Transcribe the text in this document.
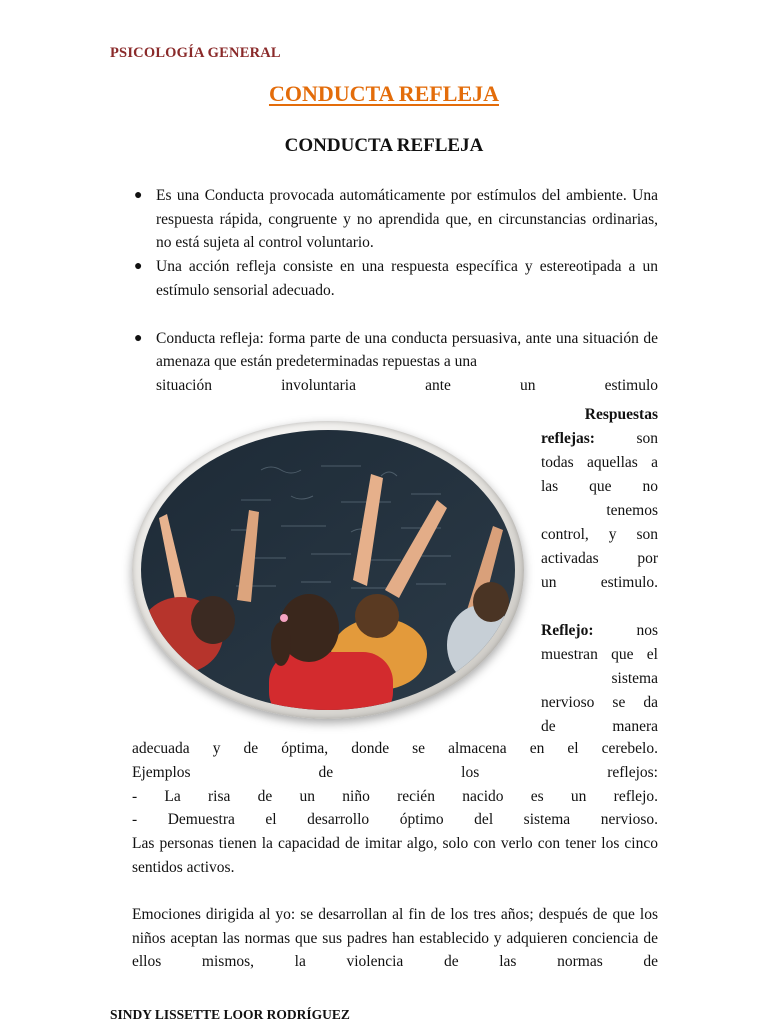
PSICOLOGÍA GENERAL
CONDUCTA REFLEJA
CONDUCTA REFLEJA
● Es una Conducta provocada automáticamente por estímulos del ambiente. Una respuesta rápida, congruente y no aprendida que, en circunstancias ordinarias, no está sujeta al control voluntario.
● Una acción refleja consiste en una respuesta específica y estereotipada a un estímulo sensorial adecuado.
● Conducta refleja: forma parte de una conducta persuasiva, ante una situación de amenaza que están predeterminadas repuestas a una
situación involuntaria ante un estimulo

Respuestas

reflejas:	son

todas aquellas a

las que no

tenemos

control, y son

activadas por

un estimulo.

Reflejo:	nos

muestran que el

sistema

nervioso se da

de manera

adecuada y de óptima, donde se almacena en el cerebelo.

Ejemplos de los reflejos:

- La risa de un niño recién nacido es un reflejo.

- Demuestra el desarrollo óptimo del sistema nervioso.

Las personas tienen la capacidad de imitar algo, solo con verlo con tener los cinco sentidos activos.

Emociones dirigida al yo: se desarrollan al fin de los tres años; después de que los niños aceptan las normas que sus padres han establecido y adquieren conciencia de ellos mismos, la violencia de las normas de

SINDY LISSETTE LOOR RODRÍGUEZ
